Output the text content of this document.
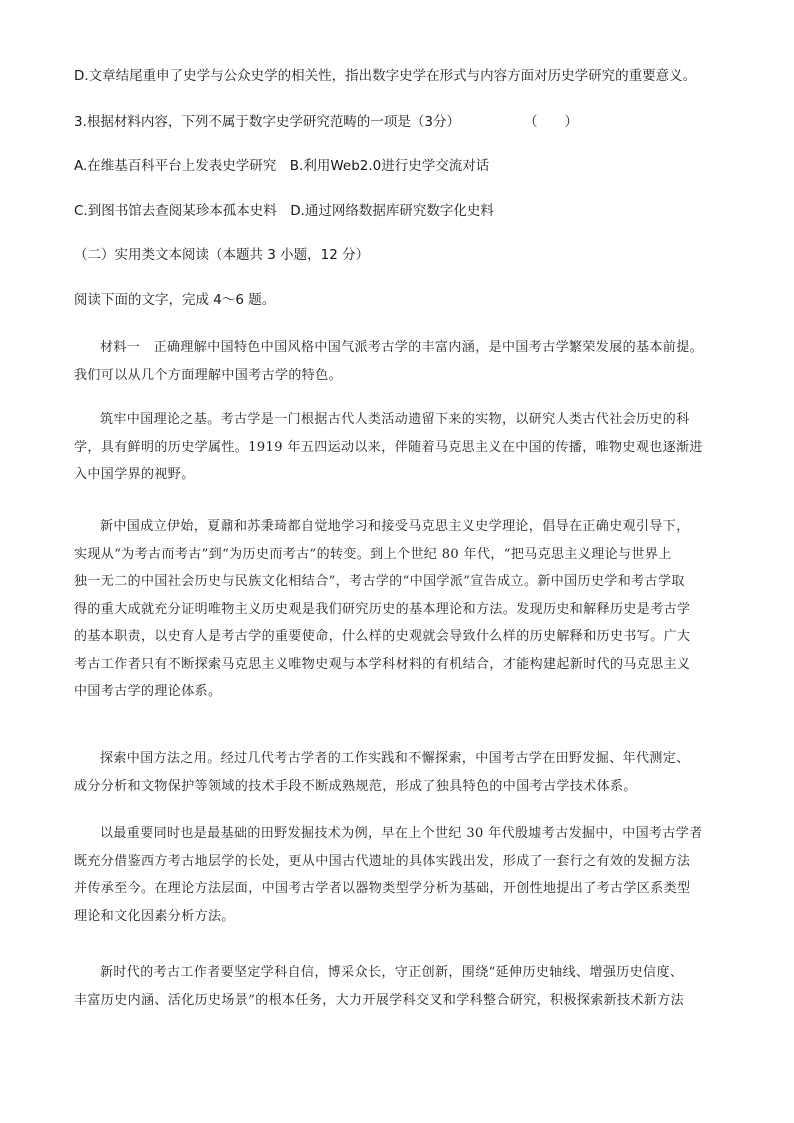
D.文章结尾重申了史学与公众史学的相关性，指出数字史学在形式与内容方面对历史学研究的重要意义。
3.根据材料内容，下列不属于数字史学研究范畴的一项是（3分）	（　　）
A.在维基百科平台上发表史学研究　B.利用Web2.0进行史学交流对话
C.到图书馆去查阅某珍本孤本史料　D.通过网络数据库研究数字化史料
（二）实用类文本阅读（本题共 3 小题，12 分）
阅读下面的文字，完成 4～6 题。
材料一　正确理解中国特色中国风格中国气派考古学的丰富内涵，是中国考古学繁荣发展的基本前提。
我们可以从几个方面理解中国考古学的特色。
筑牢中国理论之基。考古学是一门根据古代人类活动遗留下来的实物，以研究人类古代社会历史的科
学，具有鲜明的历史学属性。1919 年五四运动以来，伴随着马克思主义在中国的传播，唯物史观也逐渐进
入中国学界的视野。
新中国成立伊始，夏鼐和苏秉琦都自觉地学习和接受马克思主义史学理论，倡导在正确史观引导下，
实现从“为考古而考古”到“为历史而考古”的转变。到上个世纪 80 年代，“把马克思主义理论与世界上
独一无二的中国社会历史与民族文化相结合”，考古学的“中国学派”宣告成立。新中国历史学和考古学取
得的重大成就充分证明唯物主义历史观是我们研究历史的基本理论和方法。发现历史和解释历史是考古学
的基本职责，以史育人是考古学的重要使命，什么样的史观就会导致什么样的历史解释和历史书写。广大
考古工作者只有不断探索马克思主义唯物史观与本学科材料的有机结合，才能构建起新时代的马克思主义
中国考古学的理论体系。
探索中国方法之用。经过几代考古学者的工作实践和不懈探索，中国考古学在田野发掘、年代测定、
成分分析和文物保护等领域的技术手段不断成熟规范，形成了独具特色的中国考古学技术体系。
以最重要同时也是最基础的田野发掘技术为例，早在上个世纪 30 年代殷墟考古发掘中，中国考古学者
既充分借鉴西方考古地层学的长处，更从中国古代遗址的具体实践出发，形成了一套行之有效的发掘方法
并传承至今。在理论方法层面，中国考古学者以器物类型学分析为基础，开创性地提出了考古学区系类型
理论和文化因素分析方法。
新时代的考古工作者要坚定学科自信，博采众长，守正创新，围绕“延伸历史轴线、增强历史信度、
丰富历史内涵、活化历史场景”的根本任务，大力开展学科交叉和学科整合研究，积极探索新技术新方法
